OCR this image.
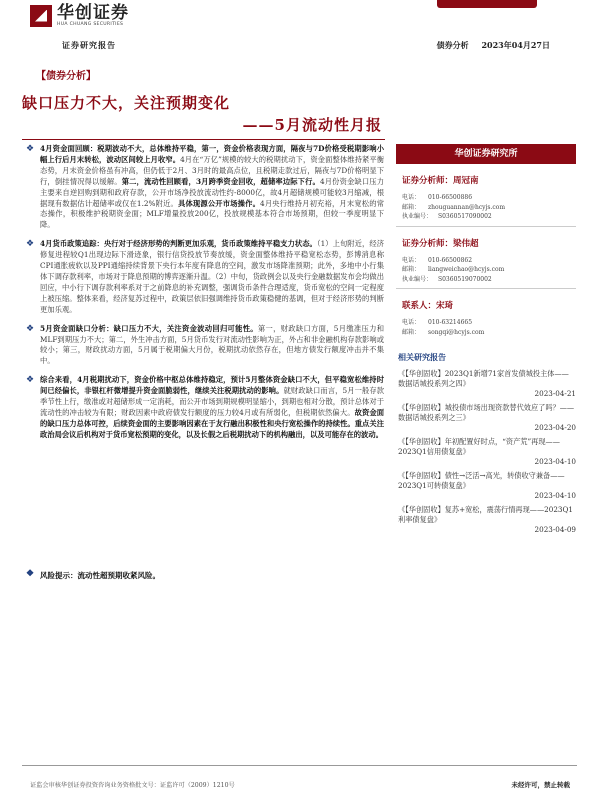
华创证券
HUA CHUANG SECURITIES
证券研究报告	债券分析 2023年04月27日
【债券分析】
缺口压力不大，关注预期变化
——5月流动性月报
❖ 4月资金面回顾：税期波动不大，总体维持平稳，第一，资金价格表现方面，隔夜与7D价格受税期影响小幅上行后月末转松，波动区间较上月收窄。4月在“万亿”规模的较大的税期扰动下，资金面整体维持紧平衡态势，月末资金价格虽有冲高，但仍低于2月、3月时的最高点位，且税期走款过后，隔夜与7D价格明显下行，倒挂情况得以缓解。第二，流动性回顾看，3月跨季资金回收，超储率边际下行。4月份资金缺口压力主要来自逆回购到期和政府存款，公开市场净投放流动性约-8000亿，故4月超储规模可能较3月缩减，根据现有数据估计超储率或仅在1.2%附近。具体现源公开市场操作。4月央行维持月初充裕，月末宽松的常态操作，积极维护税期资金面；MLF增量投放200亿，投放规模基本符合市场预期，但较一季度明显下降。
❖ 4月货币政策追踪：央行对于经济形势的判断更加乐观，货币政策维持平稳支力状态。（1）上旬附近，经济修复进程较Q1出现边际下滑迹象，银行信贷投放节奏放缓，资金面整体维持平稳宽松态势，彭博消息称CPI通胀疲软以及PPI通缩持续背景下央行本年度有降息的空间，激发市场降准预期；此外，多地中小行集体下调存款利率，市场对于降息预期的博弈逐渐升温。（2）中旬，货政例会以及央行金融数据发布会均做出回应，中小行下调存款利率系对于之前降息的补充调整，强调货币条件合理适度，货币宽松的空间一定程度上被压缩。整体来看，经济复苏过程中，政策层依旧强调维持货币政策稳健的基调，但对于经济形势的判断更加乐观。
❖ 5月资金面缺口分析：缺口压力不大，关注资金波动回归可能性。第一，财政缺口方面，5月缴准压力和MLF到期压力不大；第二，外生冲击方面，5月货币发行对流动性影响为正，外占和非金融机构存款影响或较小；第三，财政扰动方面，5月属于税期偏大月份，税期扰动依然存在，但地方债发行额度冲击并不集中。
❖ 综合来看，4月税期扰动下，资金价格中枢总体维持稳定，预计5月整体资金缺口不大，但平稳宽松维持时间已经偏长，非银杠杆微增提升资金面脆弱性，继续关注税期扰动的影响。就财政缺口而言，5月一般存款季节性上行，缴准或对超储形成一定消耗，而公开市场到期规模明显缩小，到期也相对分散，预计总体对于流动性的冲击较为有限；财政因素中政府债发行额度的压力较4月或有所弱化，但税期依然偏大。故资金面的缺口压力总体可控，后续资金面的主要影响因素在于友行融出积极性和央行宽松操作的持续性。重点关注政治局会议后机构对于货币宽松预期的变化，以及长假之后税期扰动下的机构融出，以及可能存在的波动。
❖ 风险提示：流动性超预期收紧风险。
华创证券研究所
证券分析师：周冠南
电话：	010-66500886
邮箱：	zhouguannan@hcyjs.com
执业编号： S0360517090002
证券分析师：梁伟超
电话：	010-66500862
邮箱：	liangweichao@hcyjs.com
执业编号： S0360519070002
联系人：宋琦
电话：	010-63214665
邮箱：	songqi@hcyjs.com
相关研究报告
《【华创固收】2023Q1新增71家首发债城投主体——数据话城投系列之四》
2023-04-21
《【华创固收】城投债市场出现资款替代效应了吗？——数据话城投系列之三》
2023-04-20
《【华创固收】年初配置好时点，“资产荒”再现——2023Q1信用债复盘》
2023-04-10
《【华创固收】债性→泛活→高光，转债收守兼备——2023Q1可转债复盘》
2023-04-10
《【华创固收】复苏+宽松，震荡行情再现——2023Q1利率债复盘》
2023-04-09
证监会审核华创证券投资咨询业务资格批文号：证监许可（2009）1210号	未经许可，禁止转载
